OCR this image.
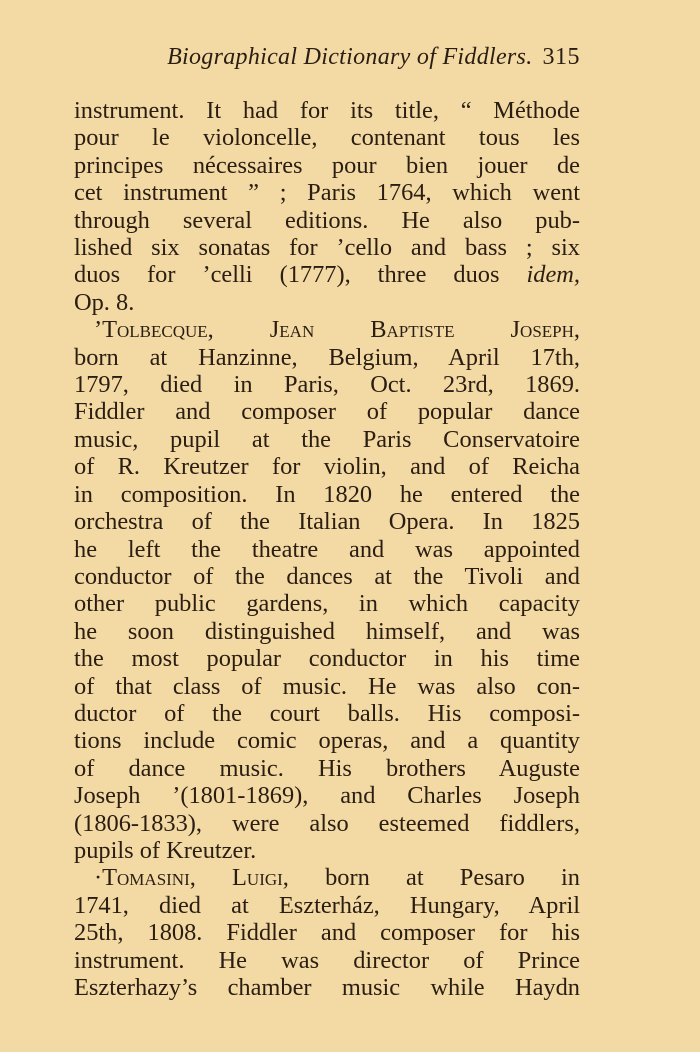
Biographical Dictionary of Fiddlers. 315
instrument. It had for its title, “ Méthode
pour le violoncelle, contenant tous les
principes nécessaires pour bien jouer de
cet instrument ” ; Paris 1764, which went
through several editions. He also pub-
lished six sonatas for ’cello and bass ; six
duos for ’celli (1777), three duos idem,
Op. 8.
’Tolbecque, Jean Baptiste Joseph,
born at Hanzinne, Belgium, April 17th,
1797, died in Paris, Oct. 23rd, 1869.
Fiddler and composer of popular dance
music, pupil at the Paris Conservatoire
of R. Kreutzer for violin, and of Reicha
in composition. In 1820 he entered the
orchestra of the Italian Opera. In 1825
he left the theatre and was appointed
conductor of the dances at the Tivoli and
other public gardens, in which capacity
he soon distinguished himself, and was
the most popular conductor in his time
of that class of music. He was also con-
ductor of the court balls. His composi-
tions include comic operas, and a quantity
of dance music. His brothers Auguste
Joseph ’(1801-1869), and Charles Joseph
(1806-1833), were also esteemed fiddlers,
pupils of Kreutzer.
·Tomasini, Luigi, born at Pesaro in
1741, died at Eszterház, Hungary, April
25th, 1808. Fiddler and composer for his
instrument. He was director of Prince
Eszterhazy’s chamber music while Haydn
